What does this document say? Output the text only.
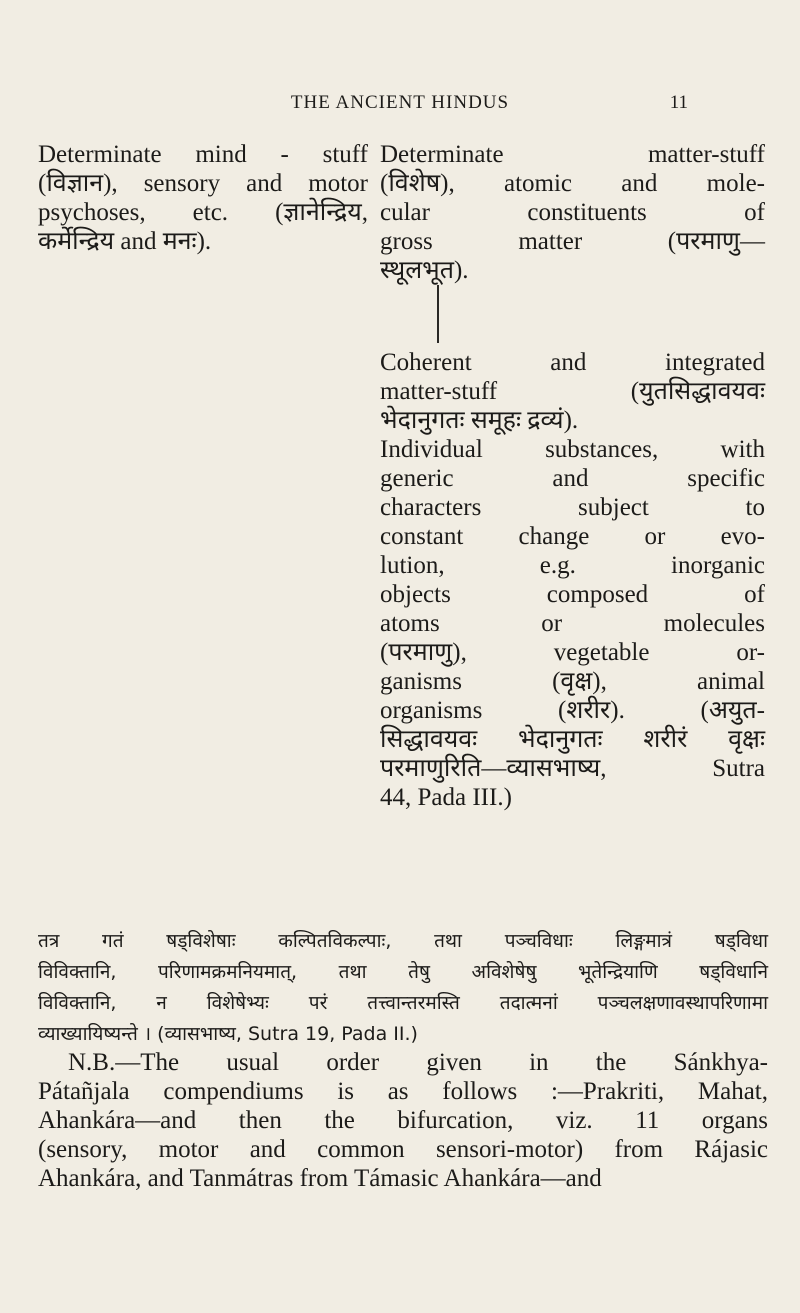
THE ANCIENT HINDUS	11
Determinate mind - stuff
(विज्ञान), sensory and motor
psychoses, etc. (ज्ञानेन्द्रिय,
कर्मेन्द्रिय and मनः).
Determinate matter-stuff
(विशेष), atomic and mole-
cular constituents of
gross matter (परमाणु—
स्थूलभूत).
Coherent and integrated
matter-stuff (युतसिद्धावयवः
भेदानुगतः समूहः द्रव्यं).
Individual substances, with
generic and specific
characters subject to
constant change or evo-
lution, e.g. inorganic
objects composed of
atoms or molecules
(परमाणु), vegetable or-
ganisms (वृक्ष), animal
organisms (शरीर). (अयुत-
सिद्धावयवः भेदानुगतः शरीरं वृक्षः
परमाणुरिति—व्यासभाष्य, Sutra
44, Pada III.)
तत्र गतं षड्विशेषाः कल्पितविकल्पाः, तथा पञ्चविधाः लिङ्गमात्रं षड्विधा
विविक्तानि, परिणामक्रमनियमात्, तथा तेषु अविशेषेषु भूतेन्द्रियाणि षड्विधानि
विविक्तानि, न विशेषेभ्यः परं तत्त्वान्तरमस्ति तदात्मनां पञ्चलक्षणावस्थापरिणामा
व्याख्यायिष्यन्ते । (व्यासभाष्य, Sutra 19, Pada II.)
N.B.—The usual order given in the Sánkhya-
Pátañjala compendiums is as follows :—Prakriti, Mahat,
Ahankára—and then the bifurcation, viz. 11 organs
(sensory, motor and common sensori-motor) from Rájasic
Ahankára, and Tanmátras from Támasic Ahankára—and
